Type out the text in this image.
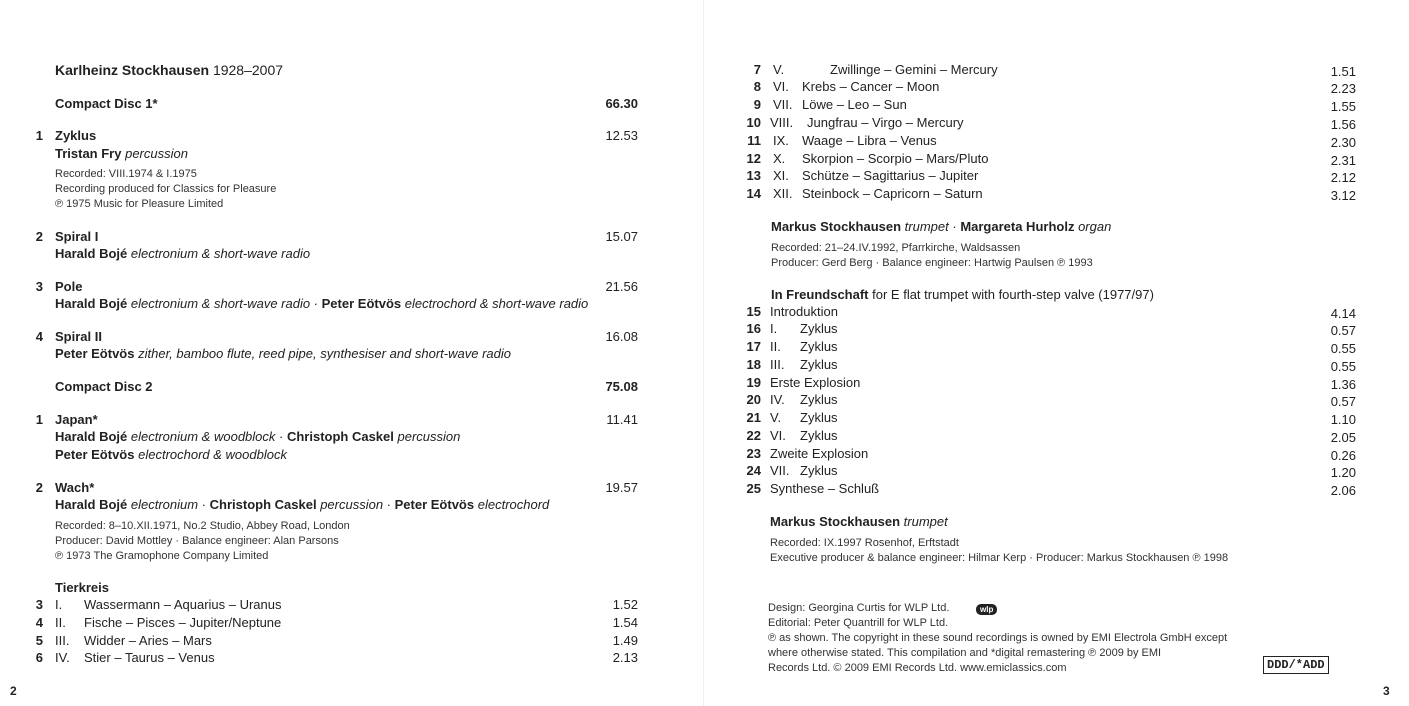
Karlheinz Stockhausen 1928–2007
Compact Disc 1*	66.30
1 Zyklus	12.53
Tristan Fry percussion
Recorded: VIII.1974 & I.1975
Recording produced for Classics for Pleasure
℗ 1975 Music for Pleasure Limited
2 Spiral I	15.07
Harald Bojé electronium & short-wave radio
3 Pole	21.56
Harald Bojé electronium & short-wave radio · Peter Eötvös electrochord & short-wave radio
4 Spiral II	16.08
Peter Eötvös zither, bamboo flute, reed pipe, synthesiser and short-wave radio
Compact Disc 2	75.08
1 Japan*	11.41
Harald Bojé electronium & woodblock · Christoph Caskel percussion
Peter Eötvös electrochord & woodblock
2 Wach*	19.57
Harald Bojé electronium · Christoph Caskel percussion · Peter Eötvös electrochord
Recorded: 8–10.XII.1971, No.2 Studio, Abbey Road, London
Producer: David Mottley · Balance engineer: Alan Parsons
℗ 1973 The Gramophone Company Limited
Tierkreis
3 I. Wassermann – Aquarius – Uranus	1.52
4 II. Fische – Pisces – Jupiter/Neptune	1.54
5 III. Widder – Aries – Mars	1.49
6 IV. Stier – Taurus – Venus	2.13
2
7 V.	Zwillinge – Gemini – Mercury	1.51
8 VI. Krebs – Cancer – Moon	2.23
9 VII. Löwe – Leo – Sun	1.55
10 VIII. Jungfrau – Virgo – Mercury	1.56
11 IX. Waage – Libra – Venus	2.30
12 X. Skorpion – Scorpio – Mars/Pluto	2.31
13 XI. Schütze – Sagittarius – Jupiter	2.12
14 XII. Steinbock – Capricorn – Saturn	3.12
Markus Stockhausen trumpet · Margareta Hurholz organ
Recorded: 21–24.IV.1992, Pfarrkirche, Waldsassen
Producer: Gerd Berg · Balance engineer: Hartwig Paulsen ℗ 1993
In Freundschaft for E flat trumpet with fourth-step valve (1977/97)
15 Introduktion	4.14
16 I. Zyklus	0.57
17 II. Zyklus	0.55
18 III. Zyklus	0.55
19 Erste Explosion	1.36
20 IV. Zyklus	0.57
21 V. Zyklus	1.10
22 VI. Zyklus	2.05
23 Zweite Explosion	0.26
24 VII. Zyklus	1.20
25 Synthese – Schluß	2.06
Markus Stockhausen trumpet
Recorded: IX.1997 Rosenhof, Erftstadt
Executive producer & balance engineer: Hilmar Kerp · Producer: Markus Stockhausen ℗ 1998
Design: Georgina Curtis for WLP Ltd.	wlp
Editorial: Peter Quantrill for WLP Ltd.
℗ as shown. The copyright in these sound recordings is owned by EMI Electrola GmbH except
where otherwise stated. This compilation and *digital remastering ℗ 2009 by EMI
Records Ltd. © 2009 EMI Records Ltd. www.emiclassics.com	DDD/*ADD
3
